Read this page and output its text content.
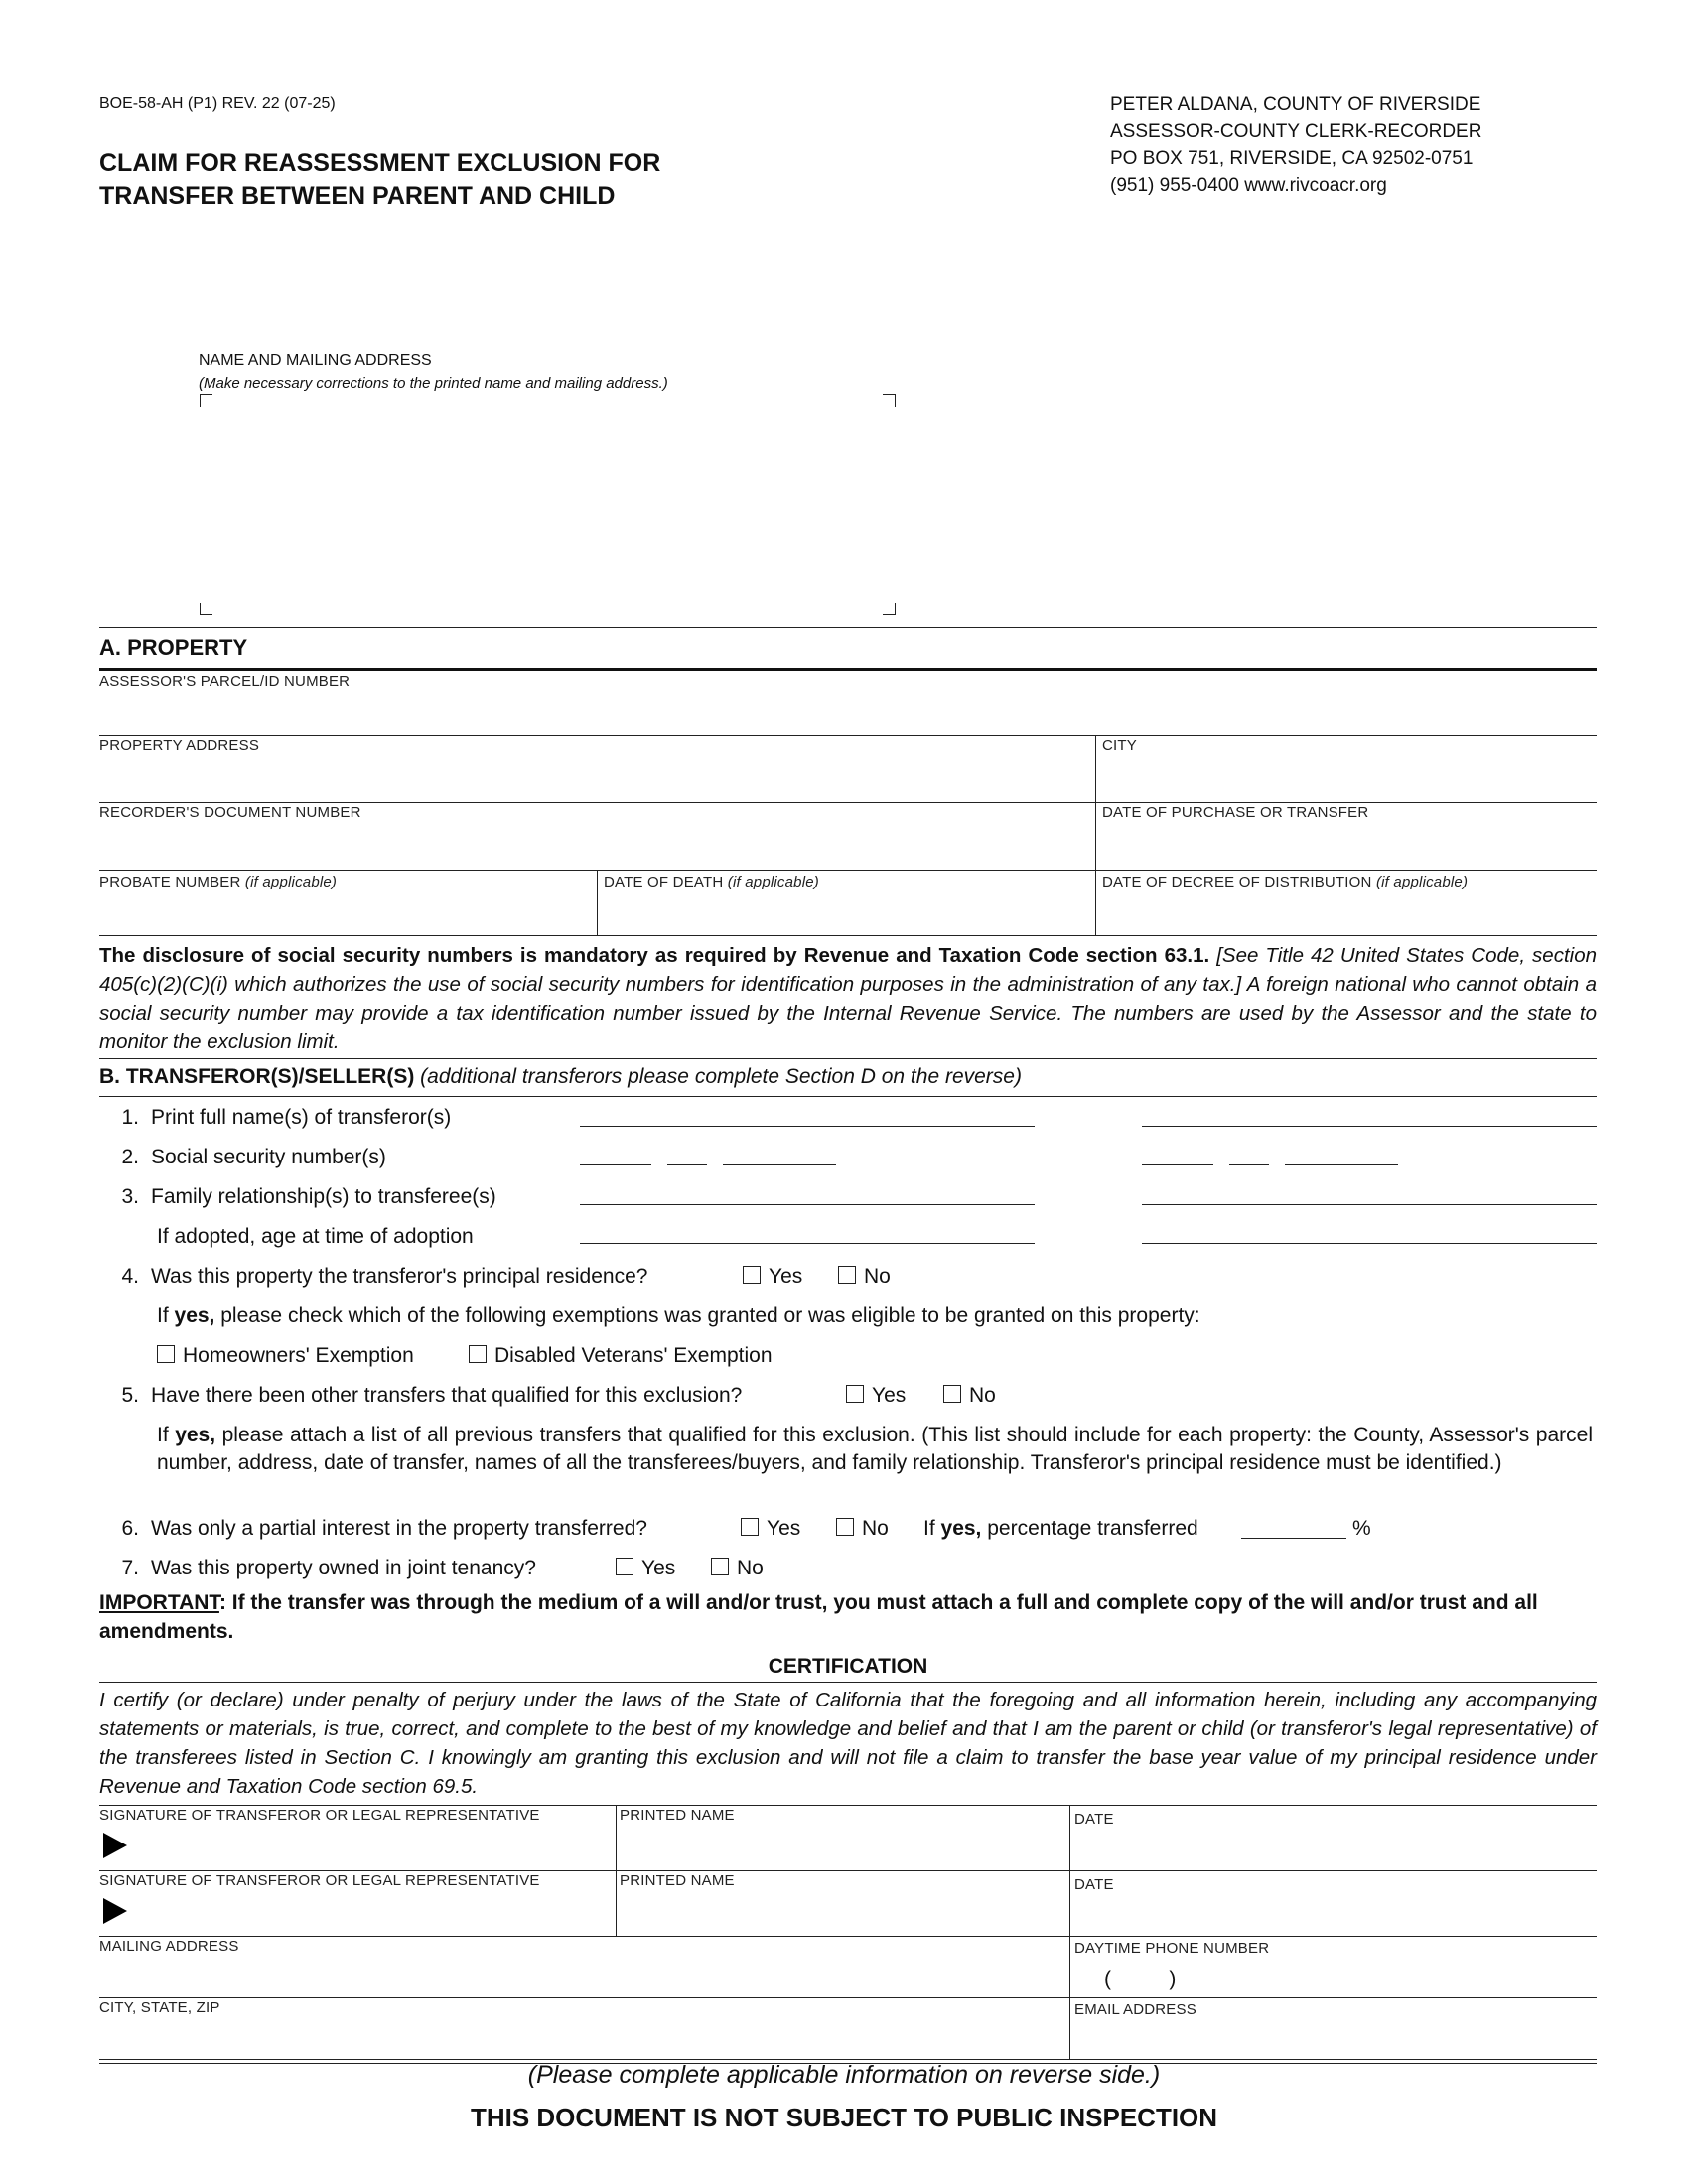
BOE-58-AH (P1) REV. 22 (07-25)
CLAIM FOR REASSESSMENT EXCLUSION FOR
TRANSFER BETWEEN PARENT AND CHILD
PETER ALDANA, COUNTY OF RIVERSIDE
ASSESSOR-COUNTY CLERK-RECORDER
PO BOX 751, RIVERSIDE, CA 92502-0751
(951) 955-0400 www.rivcoacr.org
NAME AND MAILING ADDRESS
(Make necessary corrections to the printed name and mailing address.)
A. PROPERTY
ASSESSOR'S PARCEL/ID NUMBER
PROPERTY ADDRESS	CITY
RECORDER'S DOCUMENT NUMBER	DATE OF PURCHASE OR TRANSFER
PROBATE NUMBER (if applicable)	DATE OF DEATH (if applicable)	DATE OF DECREE OF DISTRIBUTION (if applicable)
The disclosure of social security numbers is mandatory as required by Revenue and Taxation Code section 63.1. [See Title 42 United States Code, section 405(c)(2)(C)(i) which authorizes the use of social security numbers for identification purposes in the administration of any tax.] A foreign national who cannot obtain a social security number may provide a tax identification number issued by the Internal Revenue Service. The numbers are used by the Assessor and the state to monitor the exclusion limit.
B. TRANSFEROR(S)/SELLER(S) (additional transferors please complete Section D on the reverse)
1. Print full name(s) of transferor(s)
2. Social security number(s)
3. Family relationship(s) to transferee(s)
If adopted, age at time of adoption
4. Was this property the transferor's principal residence?	Yes	No
If yes, please check which of the following exemptions was granted or was eligible to be granted on this property:
Homeowners' Exemption	Disabled Veterans' Exemption
5. Have there been other transfers that qualified for this exclusion?	Yes	No
If yes, please attach a list of all previous transfers that qualified for this exclusion. (This list should include for each property: the County, Assessor's parcel number, address, date of transfer, names of all the transferees/buyers, and family relationship. Transferor's principal residence must be identified.)
6. Was only a partial interest in the property transferred?	Yes	No If yes, percentage transferred	%
7. Was this property owned in joint tenancy?	Yes	No
IMPORTANT: If the transfer was through the medium of a will and/or trust, you must attach a full and complete copy of the will and/or trust and all amendments.
CERTIFICATION
I certify (or declare) under penalty of perjury under the laws of the State of California that the foregoing and all information herein, including any accompanying statements or materials, is true, correct, and complete to the best of my knowledge and belief and that I am the parent or child (or transferor's legal representative) of the transferees listed in Section C. I knowingly am granting this exclusion and will not file a claim to transfer the base year value of my principal residence under Revenue and Taxation Code section 69.5.
SIGNATURE OF TRANSFEROR OR LEGAL REPRESENTATIVE	PRINTED NAME	DATE
SIGNATURE OF TRANSFEROR OR LEGAL REPRESENTATIVE	PRINTED NAME	DATE
MAILING ADDRESS	DAYTIME PHONE NUMBER
(          )
CITY, STATE, ZIP	EMAIL ADDRESS
(Please complete applicable information on reverse side.)
THIS DOCUMENT IS NOT SUBJECT TO PUBLIC INSPECTION
